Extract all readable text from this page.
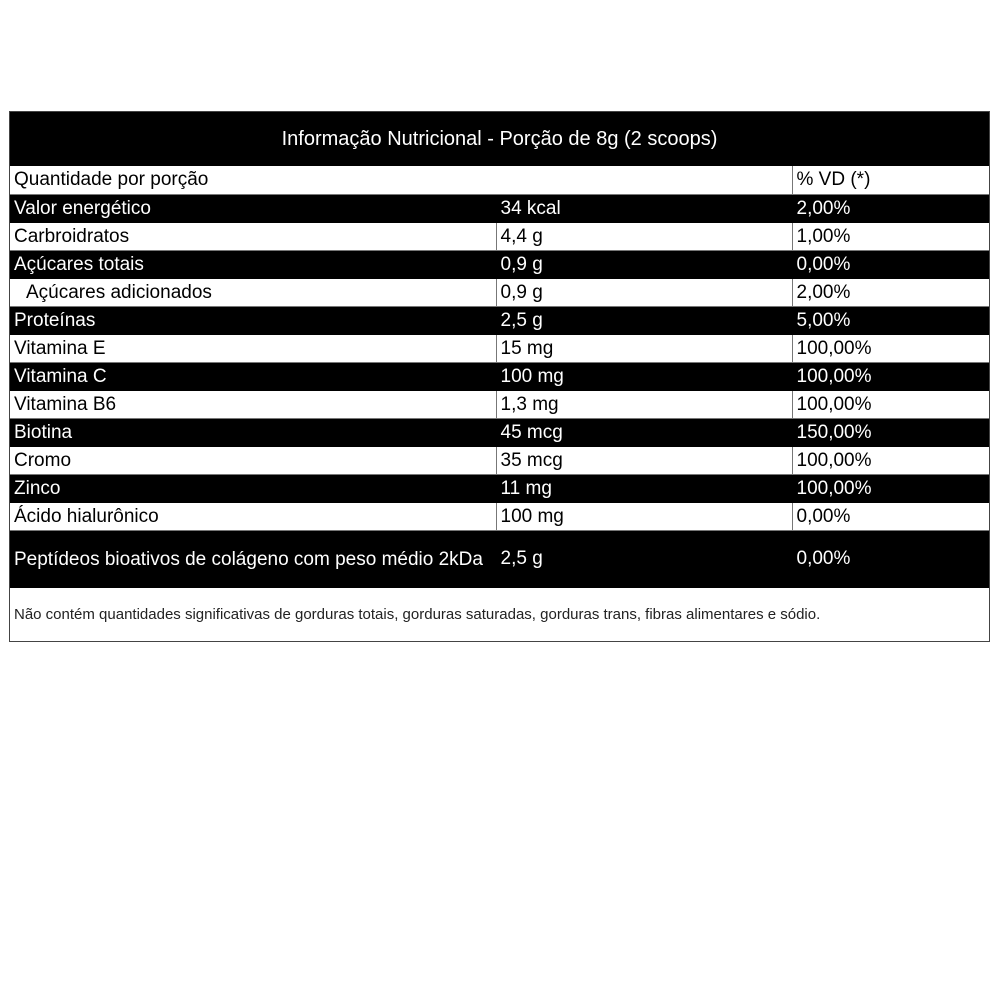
Informação Nutricional - Porção de 8g (2 scoops)
Quantidade por porção		% VD (*)
Valor energético	34 kcal	2,00%
Carbroidratos	4,4 g	1,00%
Açúcares totais	0,9 g	0,00%
Açúcares adicionados	0,9 g	2,00%
Proteínas	2,5 g	5,00%
Vitamina E	15 mg	100,00%
Vitamina C	100 mg	100,00%
Vitamina B6	1,3 mg	100,00%
Biotina	45 mcg	150,00%
Cromo	35 mcg	100,00%
Zinco	11 mg	100,00%
Ácido hialurônico	100 mg	0,00%
Peptídeos bioativos de colágeno com peso médio 2kDa	2,5 g	0,00%
Não contém quantidades significativas de gorduras totais, gorduras saturadas, gorduras trans, fibras alimentares e sódio.
